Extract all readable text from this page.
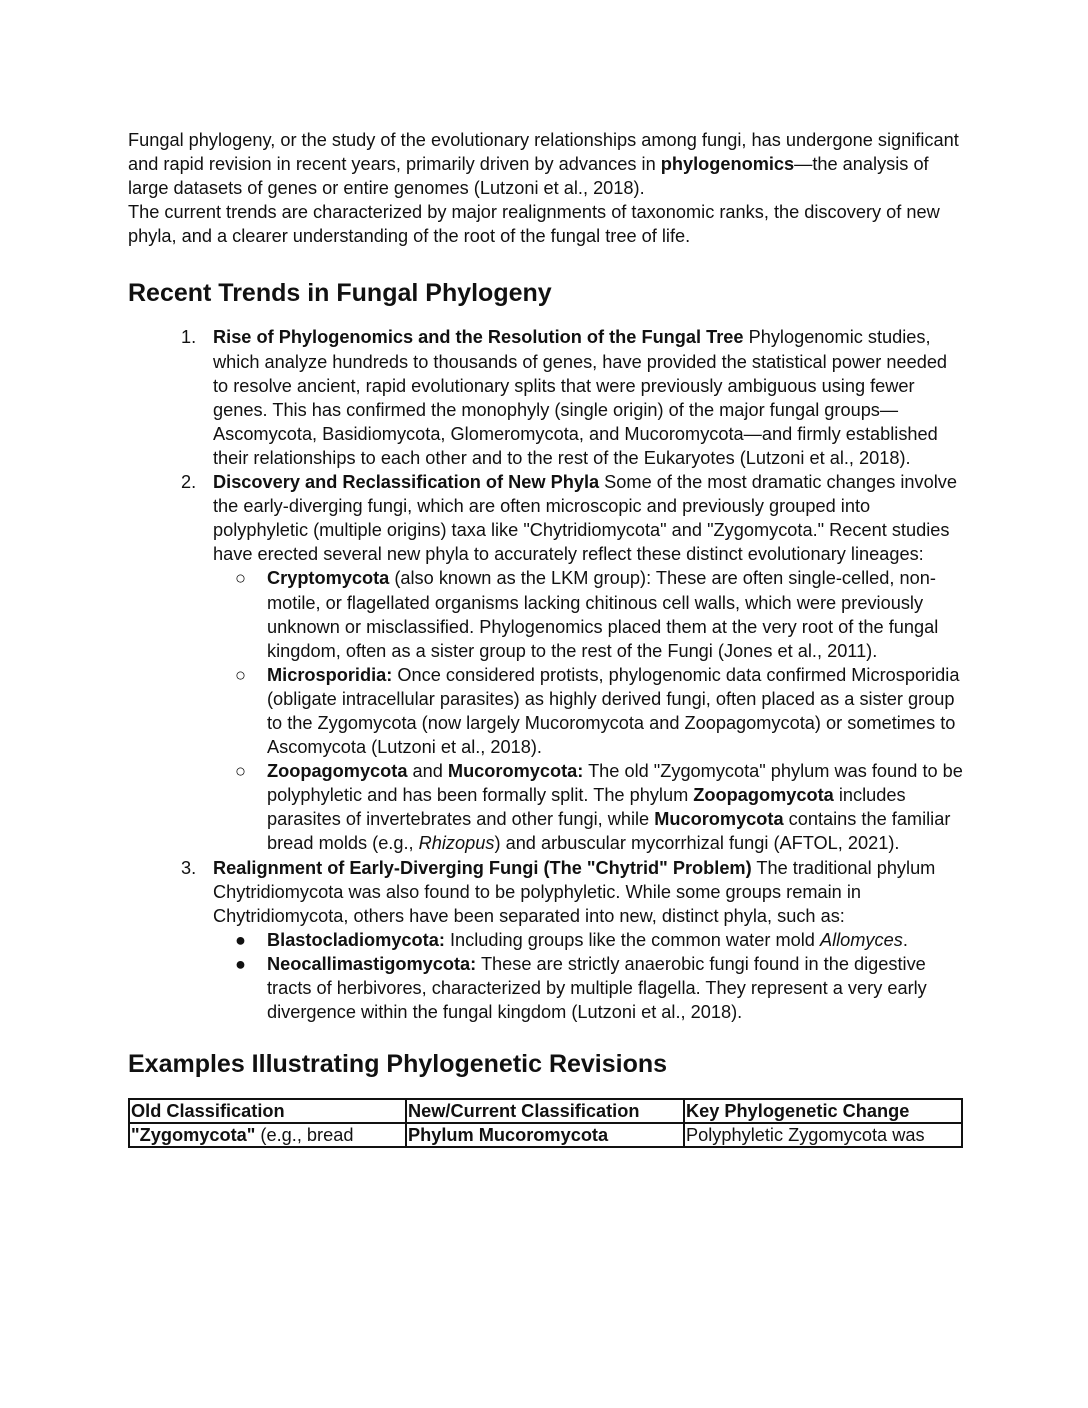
Fungal phylogeny, or the study of the evolutionary relationships among fungi, has undergone significant and rapid revision in recent years, primarily driven by advances in phylogenomics—the analysis of large datasets of genes or entire genomes (Lutzoni et al., 2018).

The current trends are characterized by major realignments of taxonomic ranks, the discovery of new phyla, and a clearer understanding of the root of the fungal tree of life.

Recent Trends in Fungal Phylogeny
1. Rise of Phylogenomics and the Resolution of the Fungal Tree Phylogenomic studies, which analyze hundreds to thousands of genes, have provided the statistical power needed to resolve ancient, rapid evolutionary splits that were previously ambiguous using fewer genes. This has confirmed the monophyly (single origin) of the major fungal groups—Ascomycota, Basidiomycota, Glomeromycota, and Mucoromycota—and firmly established their relationships to each other and to the rest of the Eukaryotes (Lutzoni et al., 2018).
2. Discovery and Reclassification of New Phyla Some of the most dramatic changes involve the early-diverging fungi, which are often microscopic and previously grouped into polyphyletic (multiple origins) taxa like "Chytridiomycota" and "Zygomycota." Recent studies have erected several new phyla to accurately reflect these distinct evolutionary lineages:
○ Cryptomycota (also known as the LKM group): These are often single-celled, non-motile, or flagellated organisms lacking chitinous cell walls, which were previously unknown or misclassified. Phylogenomics placed them at the very root of the fungal kingdom, often as a sister group to the rest of the Fungi (Jones et al., 2011).
○ Microsporidia: Once considered protists, phylogenomic data confirmed Microsporidia (obligate intracellular parasites) as highly derived fungi, often placed as a sister group to the Zygomycota (now largely Mucoromycota and Zoopagomycota) or sometimes to Ascomycota (Lutzoni et al., 2018).
○ Zoopagomycota and Mucoromycota: The old "Zygomycota" phylum was found to be polyphyletic and has been formally split. The phylum Zoopagomycota includes parasites of invertebrates and other fungi, while Mucoromycota contains the familiar bread molds (e.g., Rhizopus) and arbuscular mycorrhizal fungi (AFTOL, 2021).
3. Realignment of Early-Diverging Fungi (The "Chytrid" Problem) The traditional phylum Chytridiomycota was also found to be polyphyletic. While some groups remain in Chytridiomycota, others have been separated into new, distinct phyla, such as:
● Blastocladiomycota: Including groups like the common water mold Allomyces.
● Neocallimastigomycota: These are strictly anaerobic fungi found in the digestive tracts of herbivores, characterized by multiple flagella. They represent a very early divergence within the fungal kingdom (Lutzoni et al., 2018).
Examples Illustrating Phylogenetic Revisions
Old Classification	New/Current Classification	Key Phylogenetic Change
"Zygomycota" (e.g., bread	Phylum Mucoromycota	Polyphyletic Zygomycota was
